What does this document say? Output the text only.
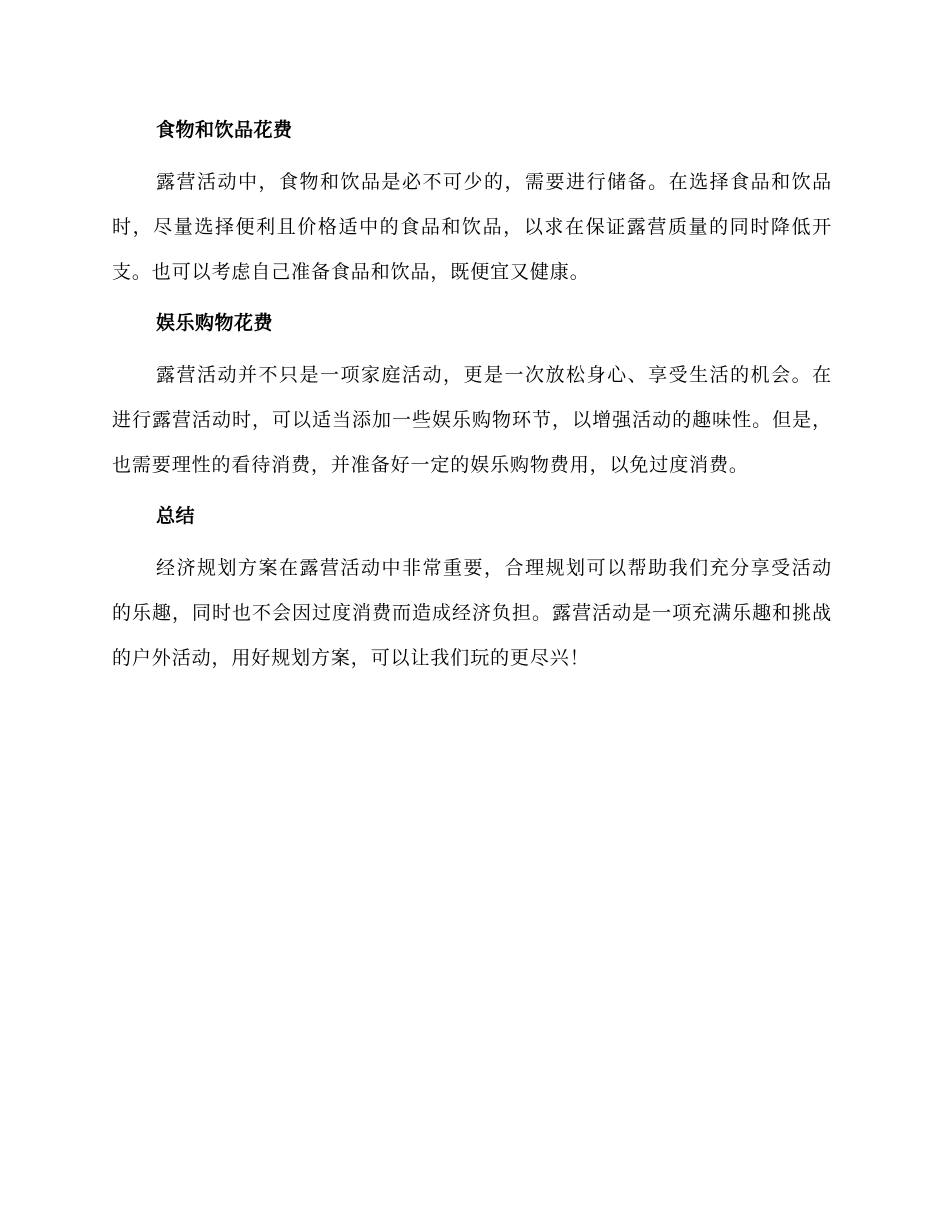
食物和饮品花费

露营活动中，食物和饮品是必不可少的，需要进行储备。在选择食品和饮品时，尽量选择便利且价格适中的食品和饮品，以求在保证露营质量的同时降低开支。也可以考虑自己准备食品和饮品，既便宜又健康。

娱乐购物花费

露营活动并不只是一项家庭活动，更是一次放松身心、享受生活的机会。在进行露营活动时，可以适当添加一些娱乐购物环节，以增强活动的趣味性。但是，也需要理性的看待消费，并准备好一定的娱乐购物费用，以免过度消费。

总结

经济规划方案在露营活动中非常重要，合理规划可以帮助我们充分享受活动的乐趣，同时也不会因过度消费而造成经济负担。露营活动是一项充满乐趣和挑战的户外活动，用好规划方案，可以让我们玩的更尽兴！
